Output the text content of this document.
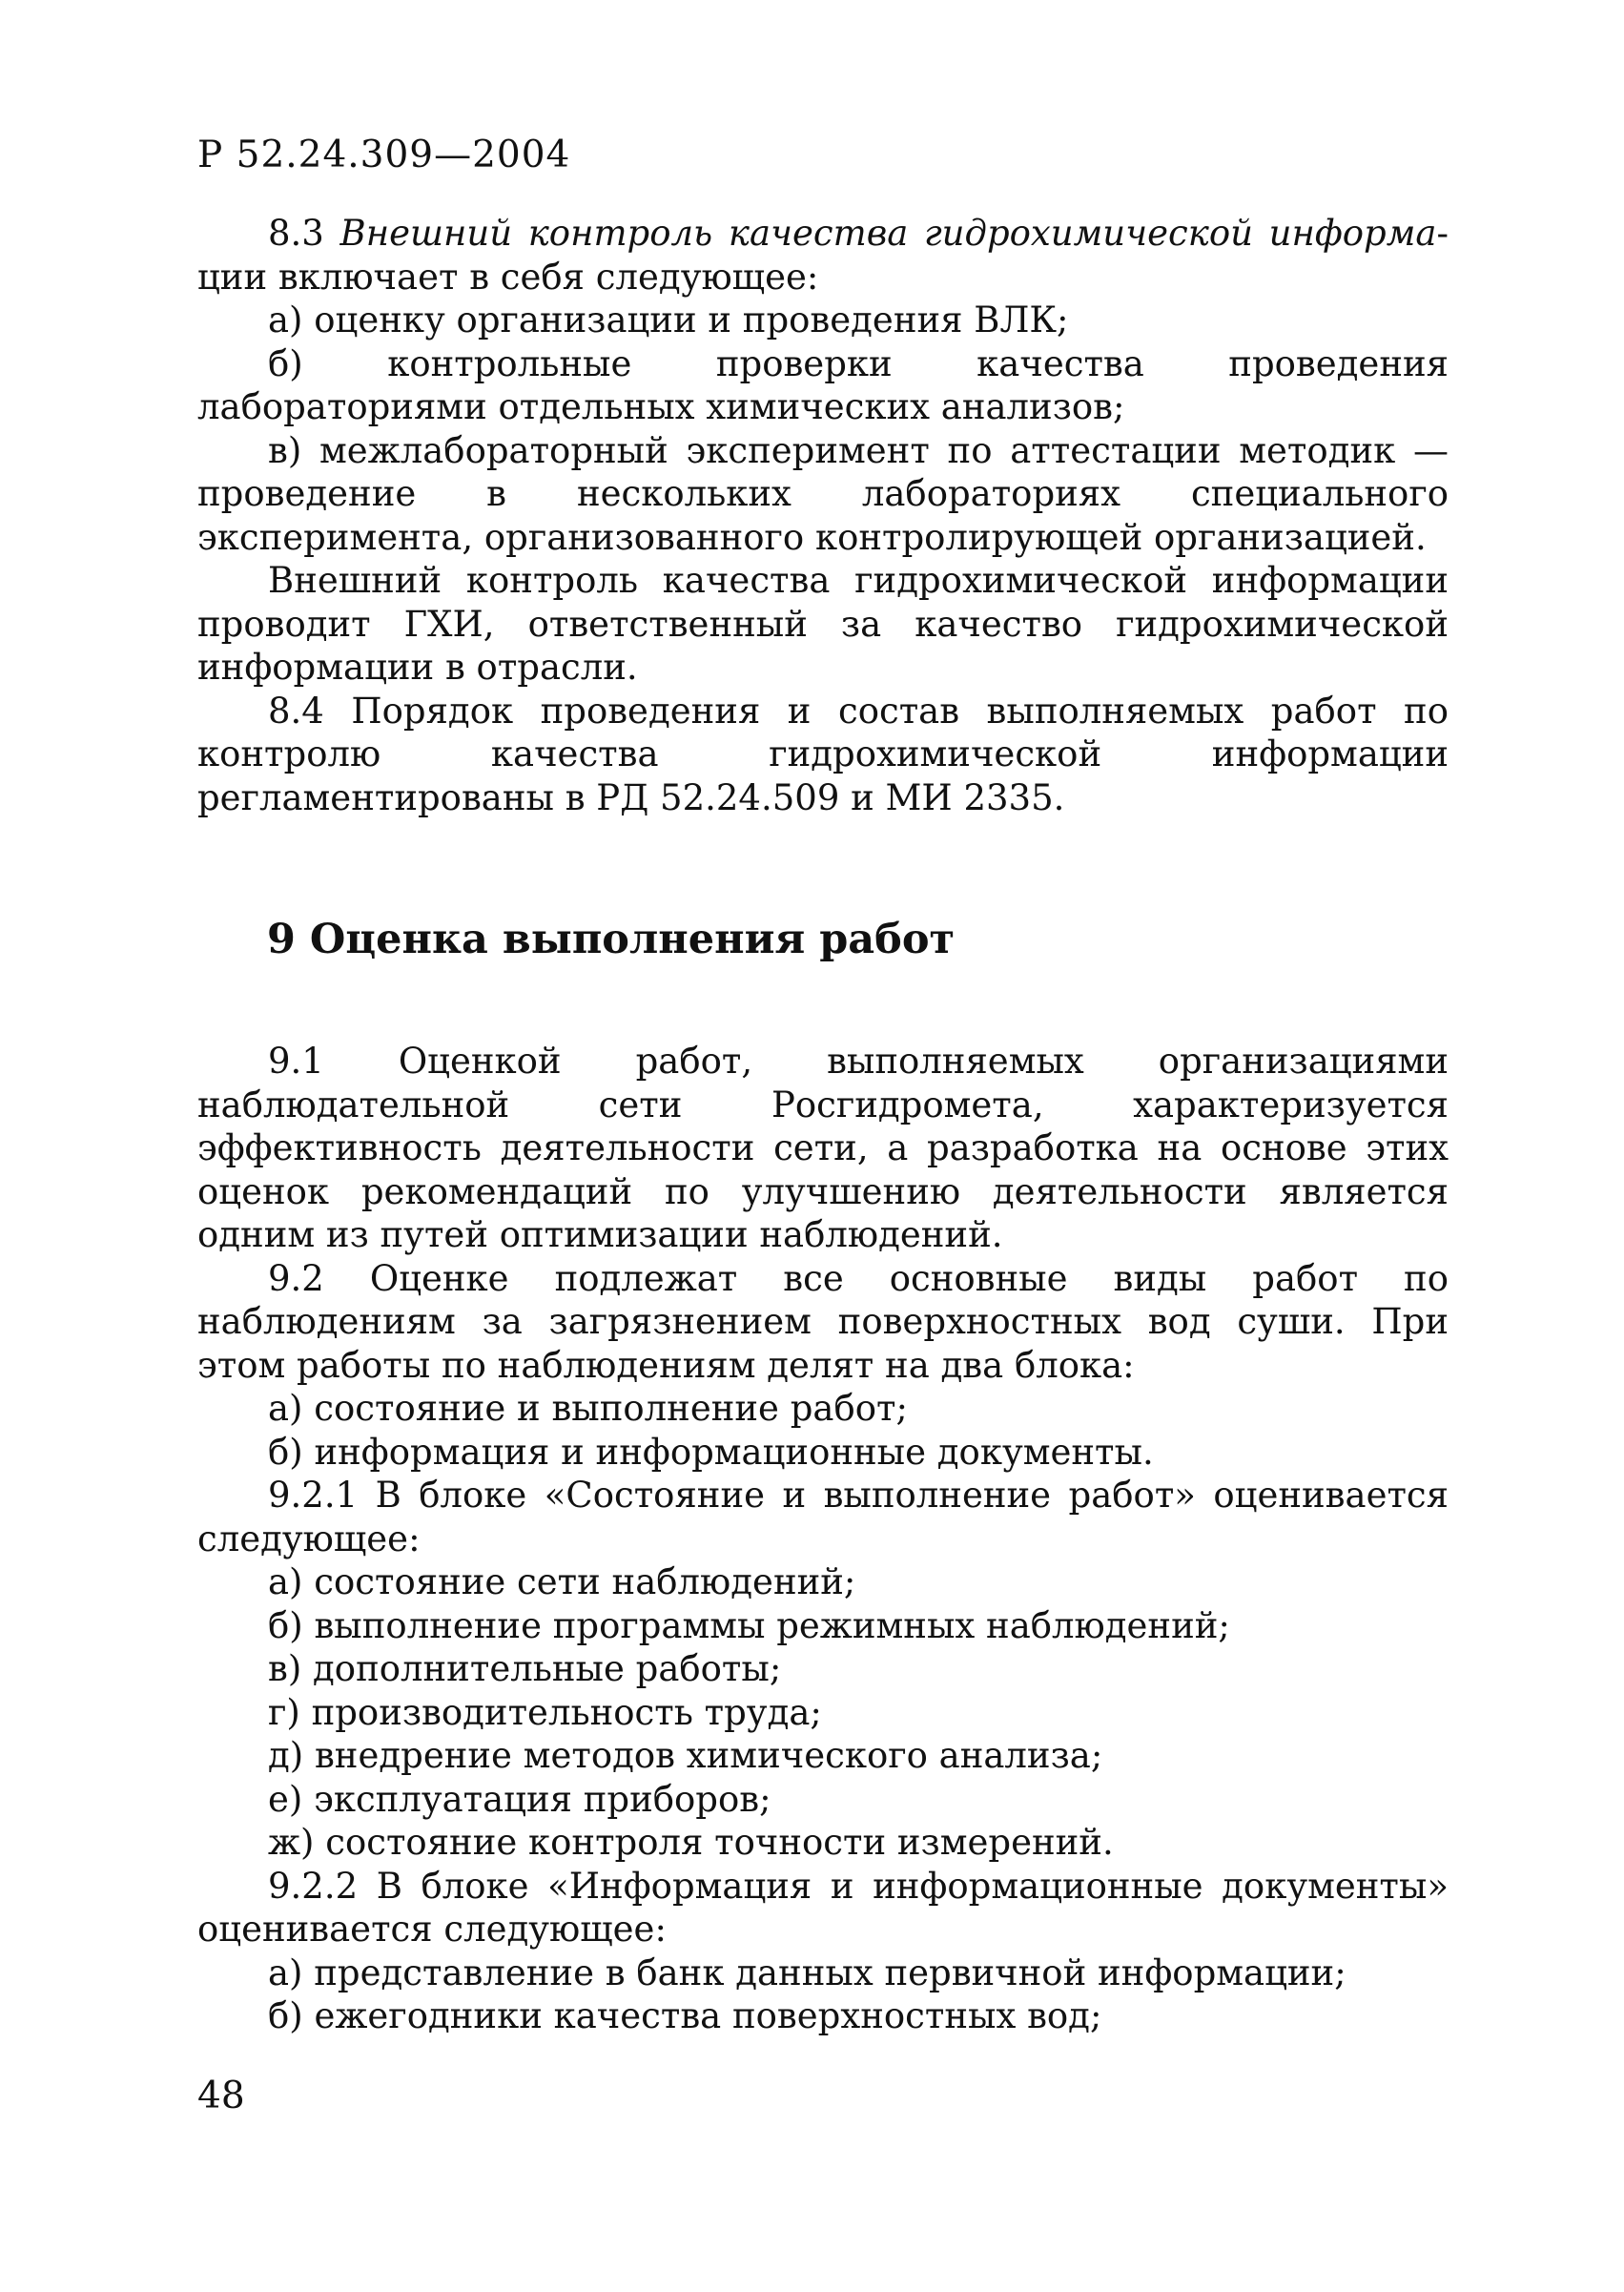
Р 52.24.309—2004

8.3 Внешний контроль качества гидрохимической информации включает в себя следующее:

а) оценку организации и проведения ВЛК;

б) контрольные проверки качества проведения лабораториями отдельных химических анализов;

в) межлабораторный эксперимент по аттестации методик — проведение в нескольких лабораториях специального эксперимента, организованного контролирующей организацией.

Внешний контроль качества гидрохимической информации проводит ГХИ, ответственный за качество гидрохимической информации в отрасли.

8.4 Порядок проведения и состав выполняемых работ по контролю качества гидрохимической информации регламентированы в РД 52.24.509 и МИ 2335.

9 Оценка выполнения работ

9.1 Оценкой работ, выполняемых организациями наблюдательной сети Росгидромета, характеризуется эффективность деятельности сети, а разработка на основе этих оценок рекомендаций по улучшению деятельности является одним из путей оптимизации наблюдений.

9.2 Оценке подлежат все основные виды работ по наблюдениям за загрязнением поверхностных вод суши. При этом работы по наблюдениям делят на два блока:

а) состояние и выполнение работ;

б) информация и информационные документы.

9.2.1 В блоке «Состояние и выполнение работ» оценивается следующее:

а) состояние сети наблюдений;

б) выполнение программы режимных наблюдений;

в) дополнительные работы;

г) производительность труда;

д) внедрение методов химического анализа;

е) эксплуатация приборов;

ж) состояние контроля точности измерений.

9.2.2 В блоке «Информация и информационные документы» оценивается следующее:

а) представление в банк данных первичной информации;

б) ежегодники качества поверхностных вод;

48
